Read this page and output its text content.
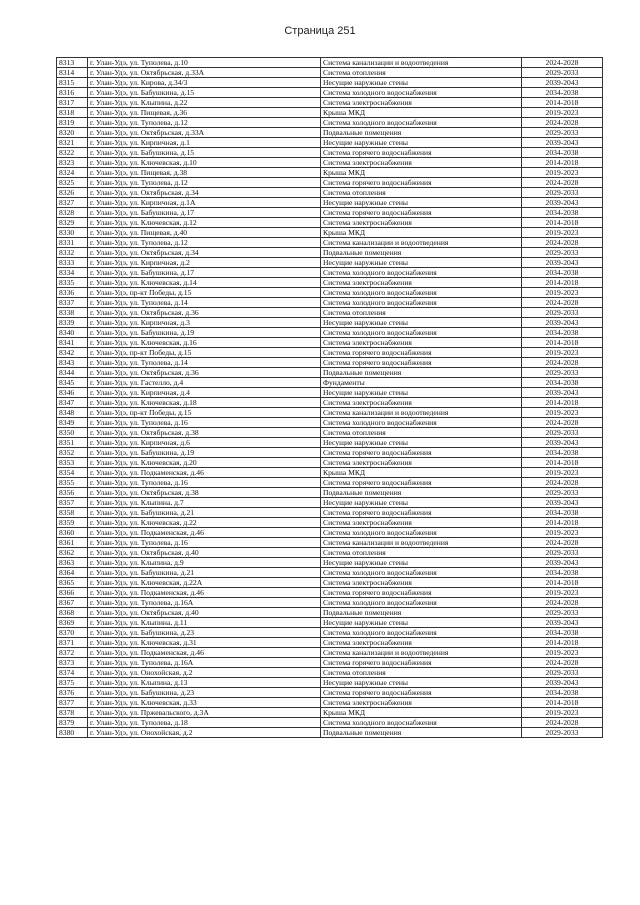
Страница 251
8313	г. Улан-Удэ, ул. Туполева, д.10	Система канализации и водоотведения	2024-2028
8314	г. Улан-Удэ, ул. Октябрьская, д.33А	Система отопления	2029-2033
8315	г. Улан-Удэ, ул. Кирова, д.34/3	Несущие наружные стены	2039-2043
8316	г. Улан-Удэ, ул. Бабушкина, д.15	Система холодного водоснабжения	2034-2038
8317	г. Улан-Удэ, ул. Клыпина, д.22	Система электроснабжения	2014-2018
8318	г. Улан-Удэ, ул. Пищевая, д.36	Крыша МКД	2019-2023
8319	г. Улан-Удэ, ул. Туполева, д.12	Система холодного водоснабжения	2024-2028
8320	г. Улан-Удэ, ул. Октябрьская, д.33А	Подвальные помещения	2029-2033
8321	г. Улан-Удэ, ул. Кирпичная, д.1	Несущие наружные стены	2039-2043
8322	г. Улан-Удэ, ул. Бабушкина, д.15	Система горячего водоснабжения	2034-2038
8323	г. Улан-Удэ, ул. Ключевская, д.10	Система электроснабжения	2014-2018
8324	г. Улан-Удэ, ул. Пищевая, д.38	Крыша МКД	2019-2023
8325	г. Улан-Удэ, ул. Туполева, д.12	Система горячего водоснабжения	2024-2028
8326	г. Улан-Удэ, ул. Октябрьская, д.34	Система отопления	2029-2033
8327	г. Улан-Удэ, ул. Кирпичная, д.1А	Несущие наружные стены	2039-2043
8328	г. Улан-Удэ, ул. Бабушкина, д.17	Система горячего водоснабжения	2034-2038
8329	г. Улан-Удэ, ул. Ключевская, д.12	Система электроснабжения	2014-2018
8330	г. Улан-Удэ, ул. Пищевая, д.40	Крыша МКД	2019-2023
8331	г. Улан-Удэ, ул. Туполева, д.12	Система канализации и водоотведения	2024-2028
8332	г. Улан-Удэ, ул. Октябрьская, д.34	Подвальные помещения	2029-2033
8333	г. Улан-Удэ, ул. Кирпичная, д.2	Несущие наружные стены	2039-2043
8334	г. Улан-Удэ, ул. Бабушкина, д.17	Система холодного водоснабжения	2034-2038
8335	г. Улан-Удэ, ул. Ключевская, д.14	Система электроснабжения	2014-2018
8336	г. Улан-Удэ, пр-кт Победы, д.15	Система холодного водоснабжения	2019-2023
8337	г. Улан-Удэ, ул. Туполева, д.14	Система холодного водоснабжения	2024-2028
8338	г. Улан-Удэ, ул. Октябрьская, д.36	Система отопления	2029-2033
8339	г. Улан-Удэ, ул. Кирпичная, д.3	Несущие наружные стены	2039-2043
8340	г. Улан-Удэ, ул. Бабушкина, д.19	Система холодного водоснабжения	2034-2038
8341	г. Улан-Удэ, ул. Ключевская, д.16	Система электроснабжения	2014-2018
8342	г. Улан-Удэ, пр-кт Победы, д.15	Система горячего водоснабжения	2019-2023
8343	г. Улан-Удэ, ул. Туполева, д.14	Система горячего водоснабжения	2024-2028
8344	г. Улан-Удэ, ул. Октябрьская, д.36	Подвальные помещения	2029-2033
8345	г. Улан-Удэ, ул. Гастелло, д.4	Фундаменты	2034-2038
8346	г. Улан-Удэ, ул. Кирпичная, д.4	Несущие наружные стены	2039-2043
8347	г. Улан-Удэ, ул. Ключевская, д.18	Система электроснабжения	2014-2018
8348	г. Улан-Удэ, пр-кт Победы, д.15	Система канализации и водоотведения	2019-2023
8349	г. Улан-Удэ, ул. Туполева, д.16	Система холодного водоснабжения	2024-2028
8350	г. Улан-Удэ, ул. Октябрьская, д.38	Система отопления	2029-2033
8351	г. Улан-Удэ, ул. Кирпичная, д.6	Несущие наружные стены	2039-2043
8352	г. Улан-Удэ, ул. Бабушкина, д.19	Система горячего водоснабжения	2034-2038
8353	г. Улан-Удэ, ул. Ключевская, д.20	Система электроснабжения	2014-2018
8354	г. Улан-Удэ, ул. Подкаменская, д.46	Крыша МКД	2019-2023
8355	г. Улан-Удэ, ул. Туполева, д.16	Система горячего водоснабжения	2024-2028
8356	г. Улан-Удэ, ул. Октябрьская, д.38	Подвальные помещения	2029-2033
8357	г. Улан-Удэ, ул. Клыпина, д.7	Несущие наружные стены	2039-2043
8358	г. Улан-Удэ, ул. Бабушкина, д.21	Система горячего водоснабжения	2034-2038
8359	г. Улан-Удэ, ул. Ключевская, д.22	Система электроснабжения	2014-2018
8360	г. Улан-Удэ, ул. Подкаменская, д.46	Система холодного водоснабжения	2019-2023
8361	г. Улан-Удэ, ул. Туполева, д.16	Система канализации и водоотведения	2024-2028
8362	г. Улан-Удэ, ул. Октябрьская, д.40	Система отопления	2029-2033
8363	г. Улан-Удэ, ул. Клыпина, д.9	Несущие наружные стены	2039-2043
8364	г. Улан-Удэ, ул. Бабушкина, д.21	Система холодного водоснабжения	2034-2038
8365	г. Улан-Удэ, ул. Ключевская, д.22А	Система электроснабжения	2014-2018
8366	г. Улан-Удэ, ул. Подкаменская, д.46	Система горячего водоснабжения	2019-2023
8367	г. Улан-Удэ, ул. Туполева, д.16А	Система холодного водоснабжения	2024-2028
8368	г. Улан-Удэ, ул. Октябрьская, д.40	Подвальные помещения	2029-2033
8369	г. Улан-Удэ, ул. Клыпина, д.11	Несущие наружные стены	2039-2043
8370	г. Улан-Удэ, ул. Бабушкина, д.23	Система холодного водоснабжения	2034-2038
8371	г. Улан-Удэ, ул. Ключевская, д.31	Система электроснабжения	2014-2018
8372	г. Улан-Удэ, ул. Подкаменская, д.46	Система канализации и водоотведения	2019-2023
8373	г. Улан-Удэ, ул. Туполева, д.16А	Система горячего водоснабжения	2024-2028
8374	г. Улан-Удэ, ул. Онохойская, д.2	Система отопления	2029-2033
8375	г. Улан-Удэ, ул. Клыпина, д.13	Несущие наружные стены	2039-2043
8376	г. Улан-Удэ, ул. Бабушкина, д.23	Система горячего водоснабжения	2034-2038
8377	г. Улан-Удэ, ул. Ключевская, д.33	Система электроснабжения	2014-2018
8378	г. Улан-Удэ, ул. Пржевальского, д.3А	Крыша МКД	2019-2023
8379	г. Улан-Удэ, ул. Туполева, д.18	Система холодного водоснабжения	2024-2028
8380	г. Улан-Удэ, ул. Онохойская, д.2	Подвальные помещения	2029-2033
